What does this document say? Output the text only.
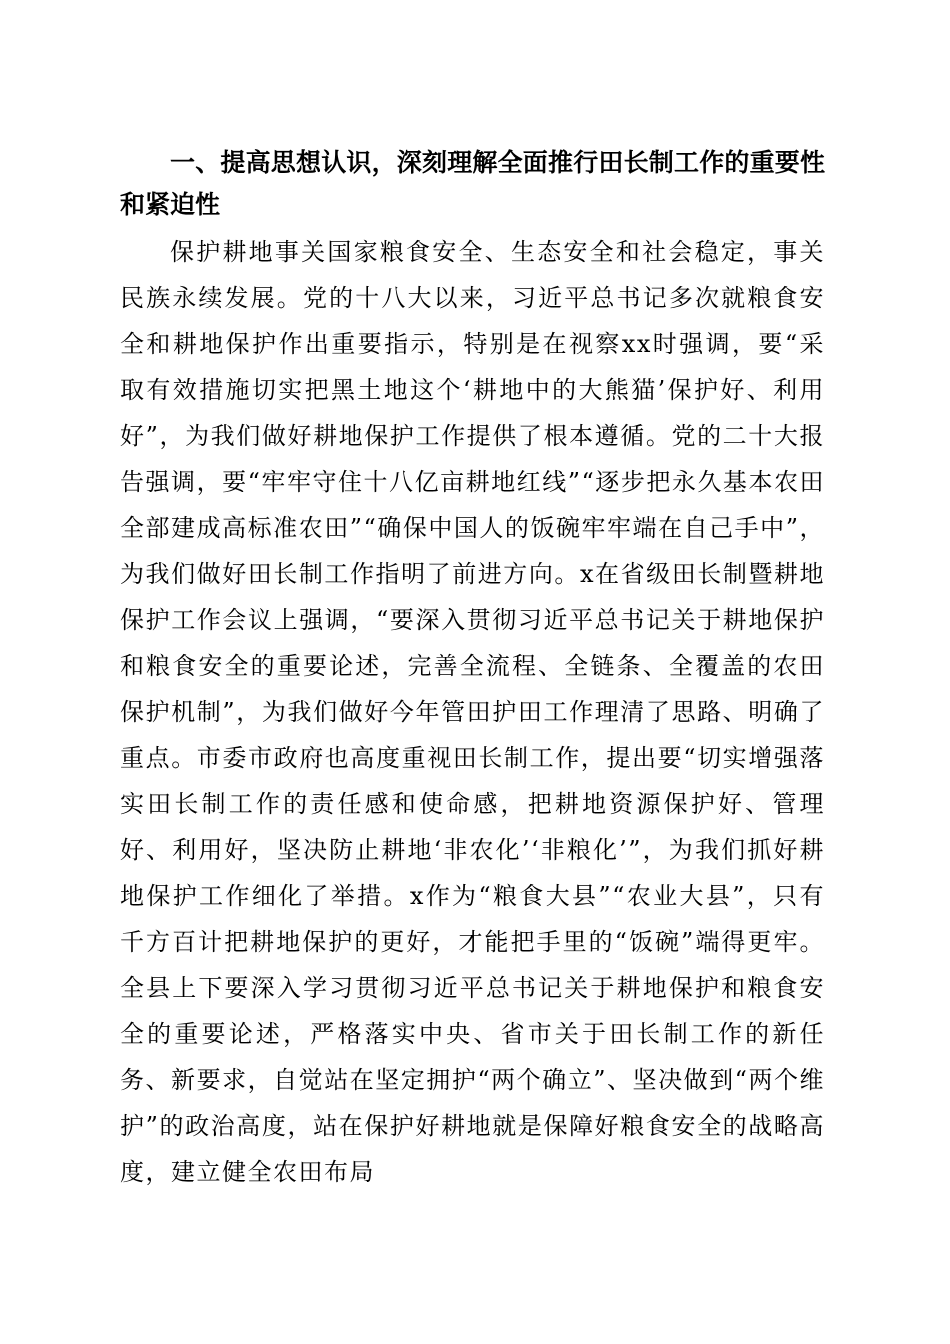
一、提高思想认识，深刻理解全面推行田长制工作的重要性和紧迫性

保护耕地事关国家粮食安全、生态安全和社会稳定，事关民族永续发展。党的十八大以来，习近平总书记多次就粮食安全和耕地保护作出重要指示，特别是在视察xx时强调，要“采取有效措施切实把黑土地这个‘耕地中的大熊猫’保护好、利用好”，为我们做好耕地保护工作提供了根本遵循。党的二十大报告强调，要“牢牢守住十八亿亩耕地红线”“逐步把永久基本农田全部建成高标准农田”“确保中国人的饭碗牢牢端在自己手中”，为我们做好田长制工作指明了前进方向。x在省级田长制暨耕地保护工作会议上强调，“要深入贯彻习近平总书记关于耕地保护和粮食安全的重要论述，完善全流程、全链条、全覆盖的农田保护机制”，为我们做好今年管田护田工作理清了思路、明确了重点。市委市政府也高度重视田长制工作，提出要“切实增强落实田长制工作的责任感和使命感，把耕地资源保护好、管理好、利用好，坚决防止耕地‘非农化’‘非粮化’”，为我们抓好耕地保护工作细化了举措。x作为“粮食大县”“农业大县”，只有千方百计把耕地保护的更好，才能把手里的“饭碗”端得更牢。全县上下要深入学习贯彻习近平总书记关于耕地保护和粮食安全的重要论述，严格落实中央、省市关于田长制工作的新任务、新要求，自觉站在坚定拥护“两个确立”、坚决做到“两个维护”的政治高度，站在保护好耕地就是保障好粮食安全的战略高度，建立健全农田布局
